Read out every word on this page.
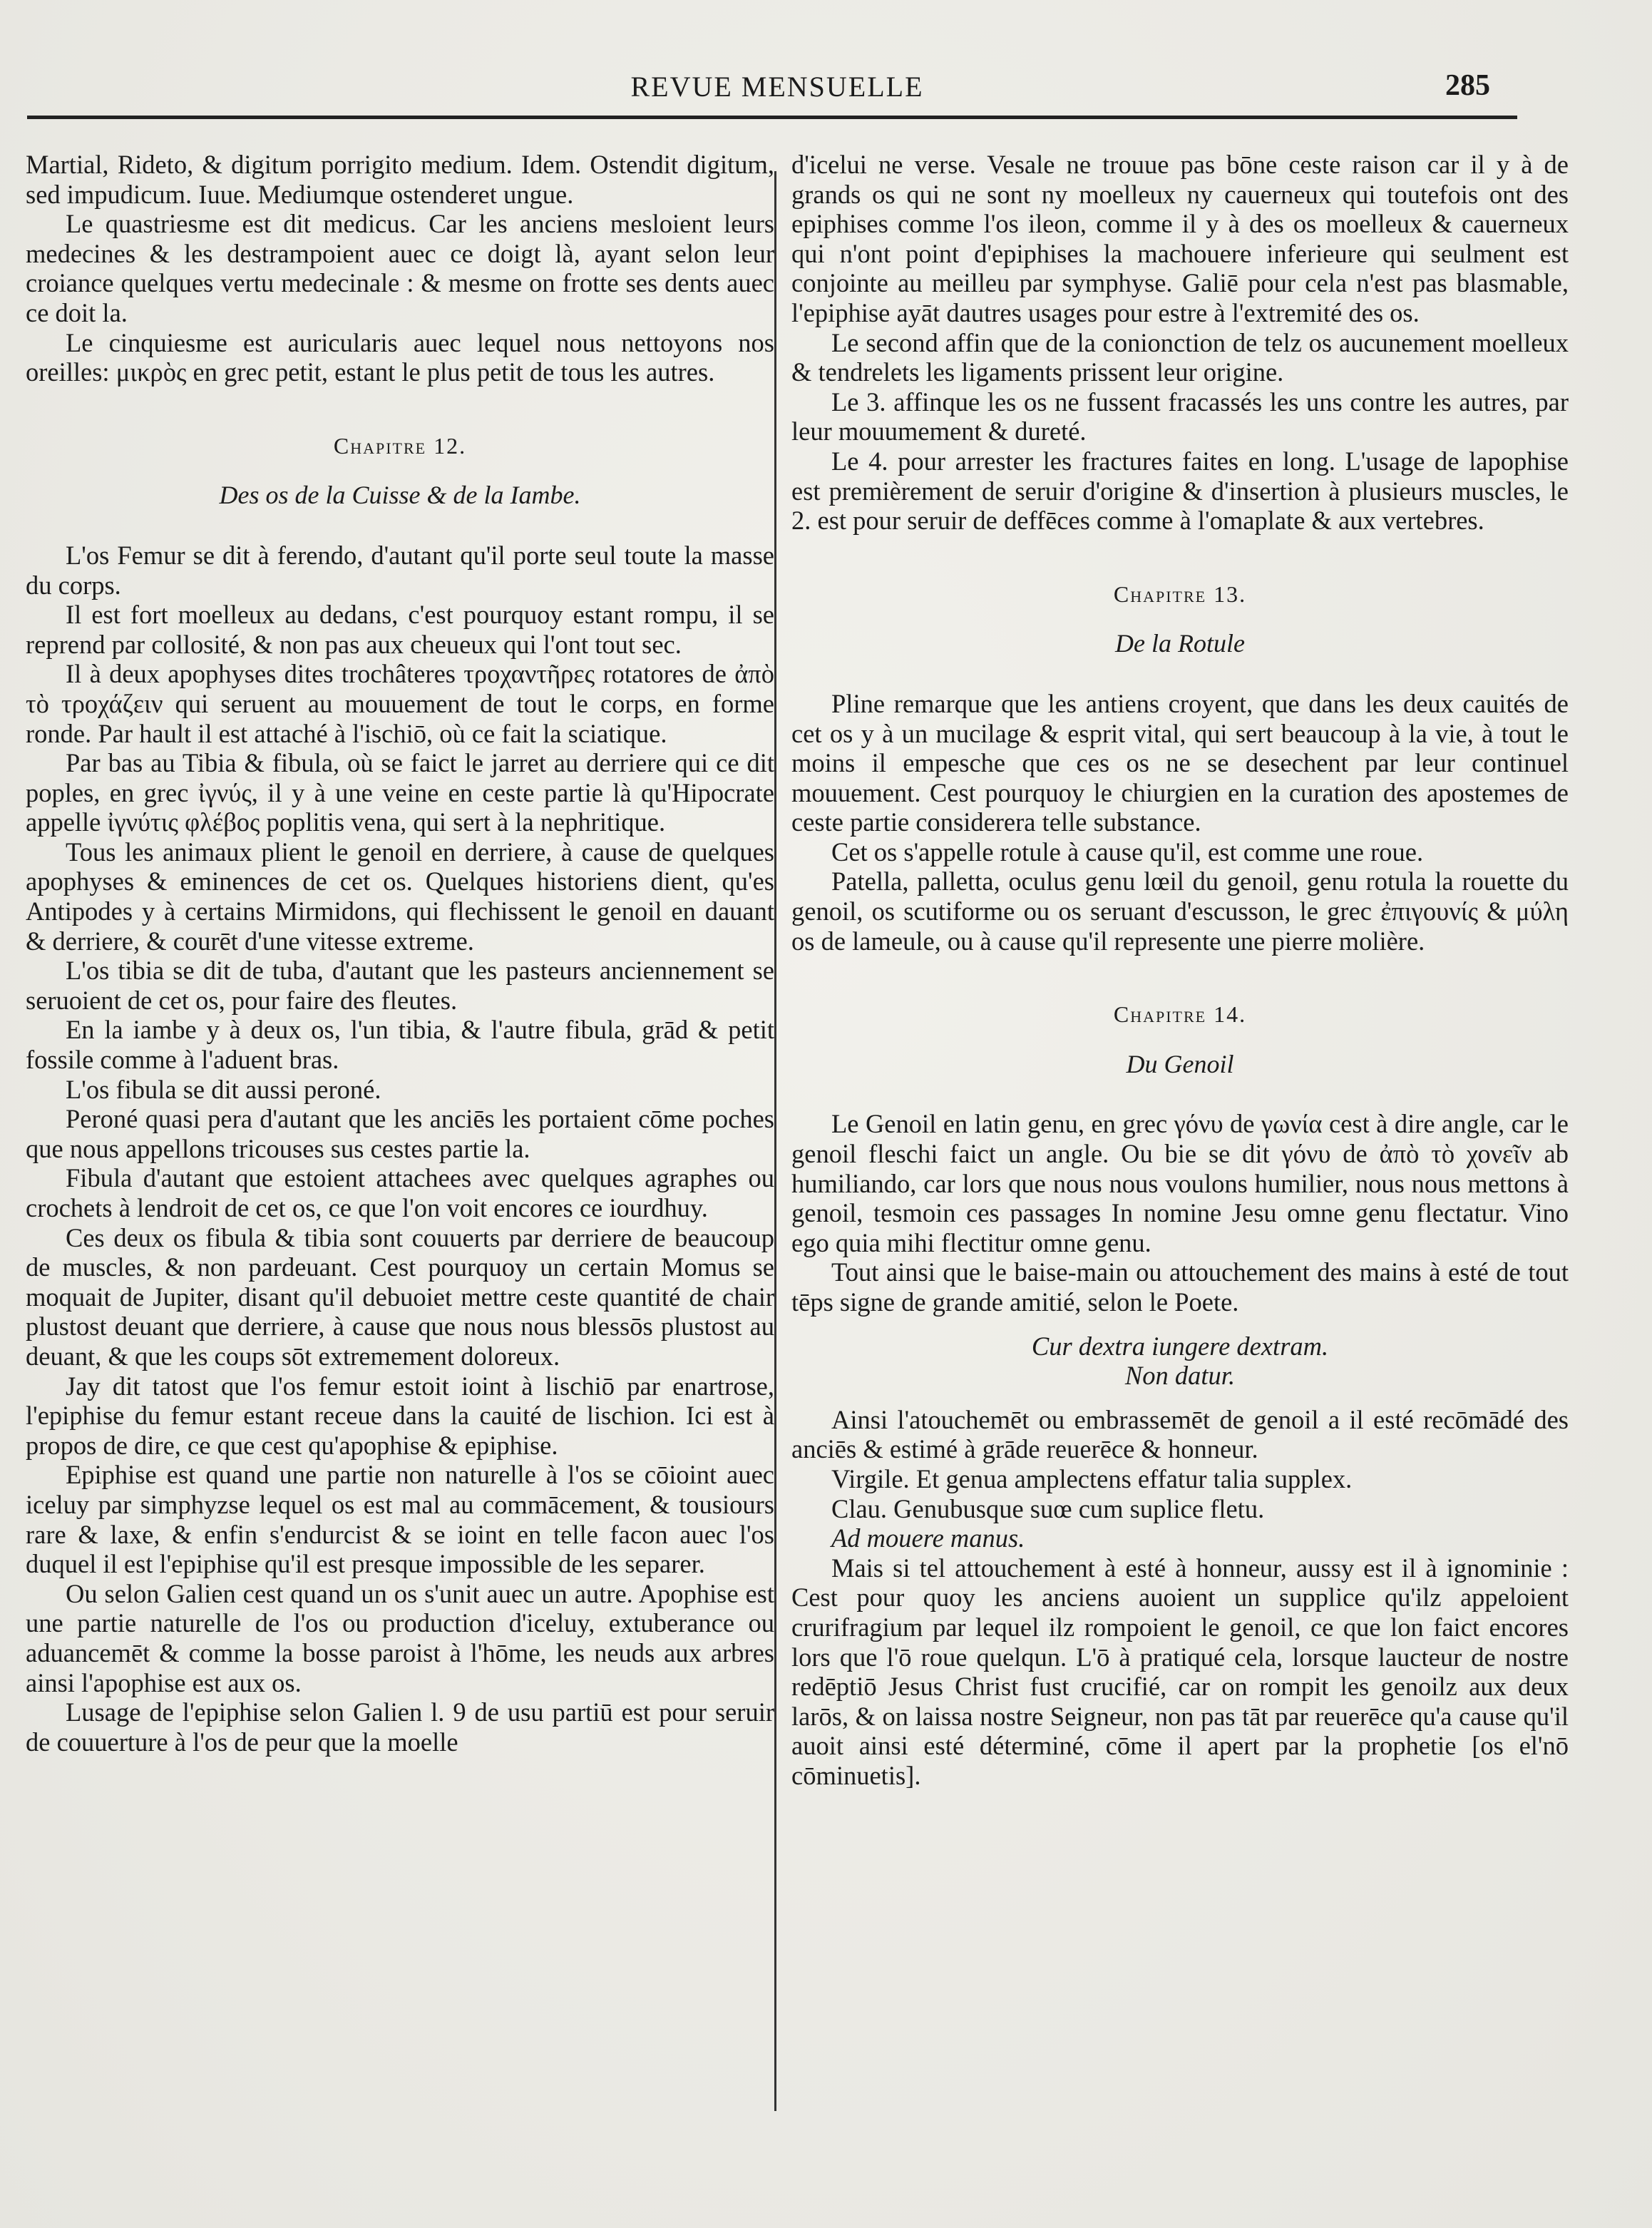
REVUE MENSUELLE	285

Martial, Rideto, & digitum porrigito medium. Idem. Ostendit digitum, sed impudicum. Iuue. Mediumque ostenderet ungue.

Le quastriesme est dit medicus. Car les anciens mesloient leurs medecines & les destrampoient auec ce doigt là, ayant selon leur croiance quelques vertu medecinale : & mesme on frotte ses dents auec ce doit la.

Le cinquiesme est auricularis auec lequel nous nettoyons nos oreilles: μικρὸς en grec petit, estant le plus petit de tous les autres.

Chapitre 12.
Des os de la Cuisse & de la Iambe.

L'os Femur se dit à ferendo, d'autant qu'il porte seul toute la masse du corps.

Il est fort moelleux au dedans, c'est pourquoy estant rompu, il se reprend par collosité, & non pas aux cheueux qui l'ont tout sec.

Il à deux apophyses dites trochâteres τροχαντῆρες rotatores de ἀπὸ τὸ τροχάζειν qui seruent au mouuement de tout le corps, en forme ronde. Par hault il est attaché à l'ischiō, où ce fait la sciatique.

Par bas au Tibia & fibula, où se faict le jarret au derriere qui ce dit poples, en grec ἰγνύς, il y à une veine en ceste partie là qu'Hipocrate appelle ἰγνύτις φλέβος poplitis vena, qui sert à la nephritique.

Tous les animaux plient le genoil en derriere, à cause de quelques apophyses & eminences de cet os. Quelques historiens dient, qu'es Antipodes y à certains Mirmidons, qui flechissent le genoil en dauant & derriere, & courēt d'une vitesse extreme.

L'os tibia se dit de tuba, d'autant que les pasteurs anciennement se seruoient de cet os, pour faire des fleutes.

En la iambe y à deux os, l'un tibia, & l'autre fibula, grād & petit fossile comme à l'aduent bras.

L'os fibula se dit aussi peroné.

Peroné quasi pera d'autant que les anciēs les portaient cōme poches que nous appellons tricouses sus cestes partie la.

Fibula d'autant que estoient attachees avec quelques agraphes ou crochets à lendroit de cet os, ce que l'on voit encores ce iourdhuy.

Ces deux os fibula & tibia sont couuerts par derriere de beaucoup de muscles, & non pardeuant. Cest pourquoy un certain Momus se moquait de Jupiter, disant qu'il debuoiet mettre ceste quantité de chair plustost deuant que derriere, à cause que nous nous blessōs plustost au deuant, & que les coups sōt extremement doloreux.

Jay dit tatost que l'os femur estoit ioint à lischiō par enartrose, l'epiphise du femur estant receue dans la cauité de lischion. Ici est à propos de dire, ce que cest qu'apophise & epiphise.

Epiphise est quand une partie non naturelle à l'os se cōioint auec iceluy par simphyzse lequel os est mal au commācement, & tousiours rare & laxe, & enfin s'endurcist & se ioint en telle facon auec l'os duquel il est l'epiphise qu'il est presque impossible de les separer.

Ou selon Galien cest quand un os s'unit auec un autre. Apophise est une partie naturelle de l'os ou production d'iceluy, extuberance ou aduancemēt & comme la bosse paroist à l'hōme, les neuds aux arbres ainsi l'apophise est aux os.

Lusage de l'epiphise selon Galien l. 9 de usu partiū est pour seruir de couuerture à l'os de peur que la moelle

d'icelui ne verse. Vesale ne trouue pas bōne ceste raison car il y à de grands os qui ne sont ny moelleux ny cauerneux qui toutefois ont des epiphises comme l'os ileon, comme il y à des os moelleux & cauerneux qui n'ont point d'epiphises la machouere inferieure qui seulment est conjointe au meilleu par symphyse. Galiē pour cela n'est pas blasmable, l'epiphise ayāt dautres usages pour estre à l'extremité des os.

Le second affin que de la conionction de telz os aucunement moelleux & tendrelets les ligaments prissent leur origine.

Le 3. affinque les os ne fussent fracassés les uns contre les autres, par leur mouumement & dureté.

Le 4. pour arrester les fractures faites en long. L'usage de lapophise est premièrement de seruir d'origine & d'insertion à plusieurs muscles, le 2. est pour seruir de deffēces comme à l'omaplate & aux vertebres.

Chapitre 13.
De la Rotule

Pline remarque que les antiens croyent, que dans les deux cauités de cet os y à un mucilage & esprit vital, qui sert beaucoup à la vie, à tout le moins il empesche que ces os ne se desechent par leur continuel mouuement. Cest pourquoy le chiurgien en la curation des apostemes de ceste partie considerera telle substance.

Cet os s'appelle rotule à cause qu'il, est comme une roue.

Patella, palletta, oculus genu lœil du genoil, genu rotula la rouette du genoil, os scutiforme ou os seruant d'escusson, le grec ἐπιγουνίς & μύλη os de lameule, ou à cause qu'il represente une pierre molière.

Chapitre 14.
Du Genoil

Le Genoil en latin genu, en grec γόνυ de γωνία cest à dire angle, car le genoil fleschi faict un angle. Ou bie se dit γόνυ de ἀπὸ τὸ χονεῖν ab humiliando, car lors que nous nous voulons humilier, nous nous mettons à genoil, tesmoin ces passages In nomine Jesu omne genu flectatur. Vino ego quia mihi flectitur omne genu.

Tout ainsi que le baise-main ou attouchement des mains à esté de tout tēps signe de grande amitié, selon le Poete.

Cur dextra iungere dextram.

Non datur.

Ainsi l'atouchemēt ou embrassemēt de genoil a il esté recōmādé des anciēs & estimé à grāde reuerēce & honneur.

Virgile. Et genua amplectens effatur talia supplex.

Clau. Genubusque suœ cum suplice fletu.

Ad mouere manus.

Mais si tel attouchement à esté à honneur, aussy est il à ignominie : Cest pour quoy les anciens auoient un supplice qu'ilz appeloient crurifragium par lequel ilz rompoient le genoil, ce que lon faict encores lors que l'ō roue quelqun. L'ō à pratiqué cela, lorsque laucteur de nostre redēptiō Jesus Christ fust crucifié, car on rompit les genoilz aux deux larōs, & on laissa nostre Seigneur, non pas tāt par reuerēce qu'a cause qu'il auoit ainsi esté déterminé, cōme il apert par la prophetie [os el'nō cōminuetis].
